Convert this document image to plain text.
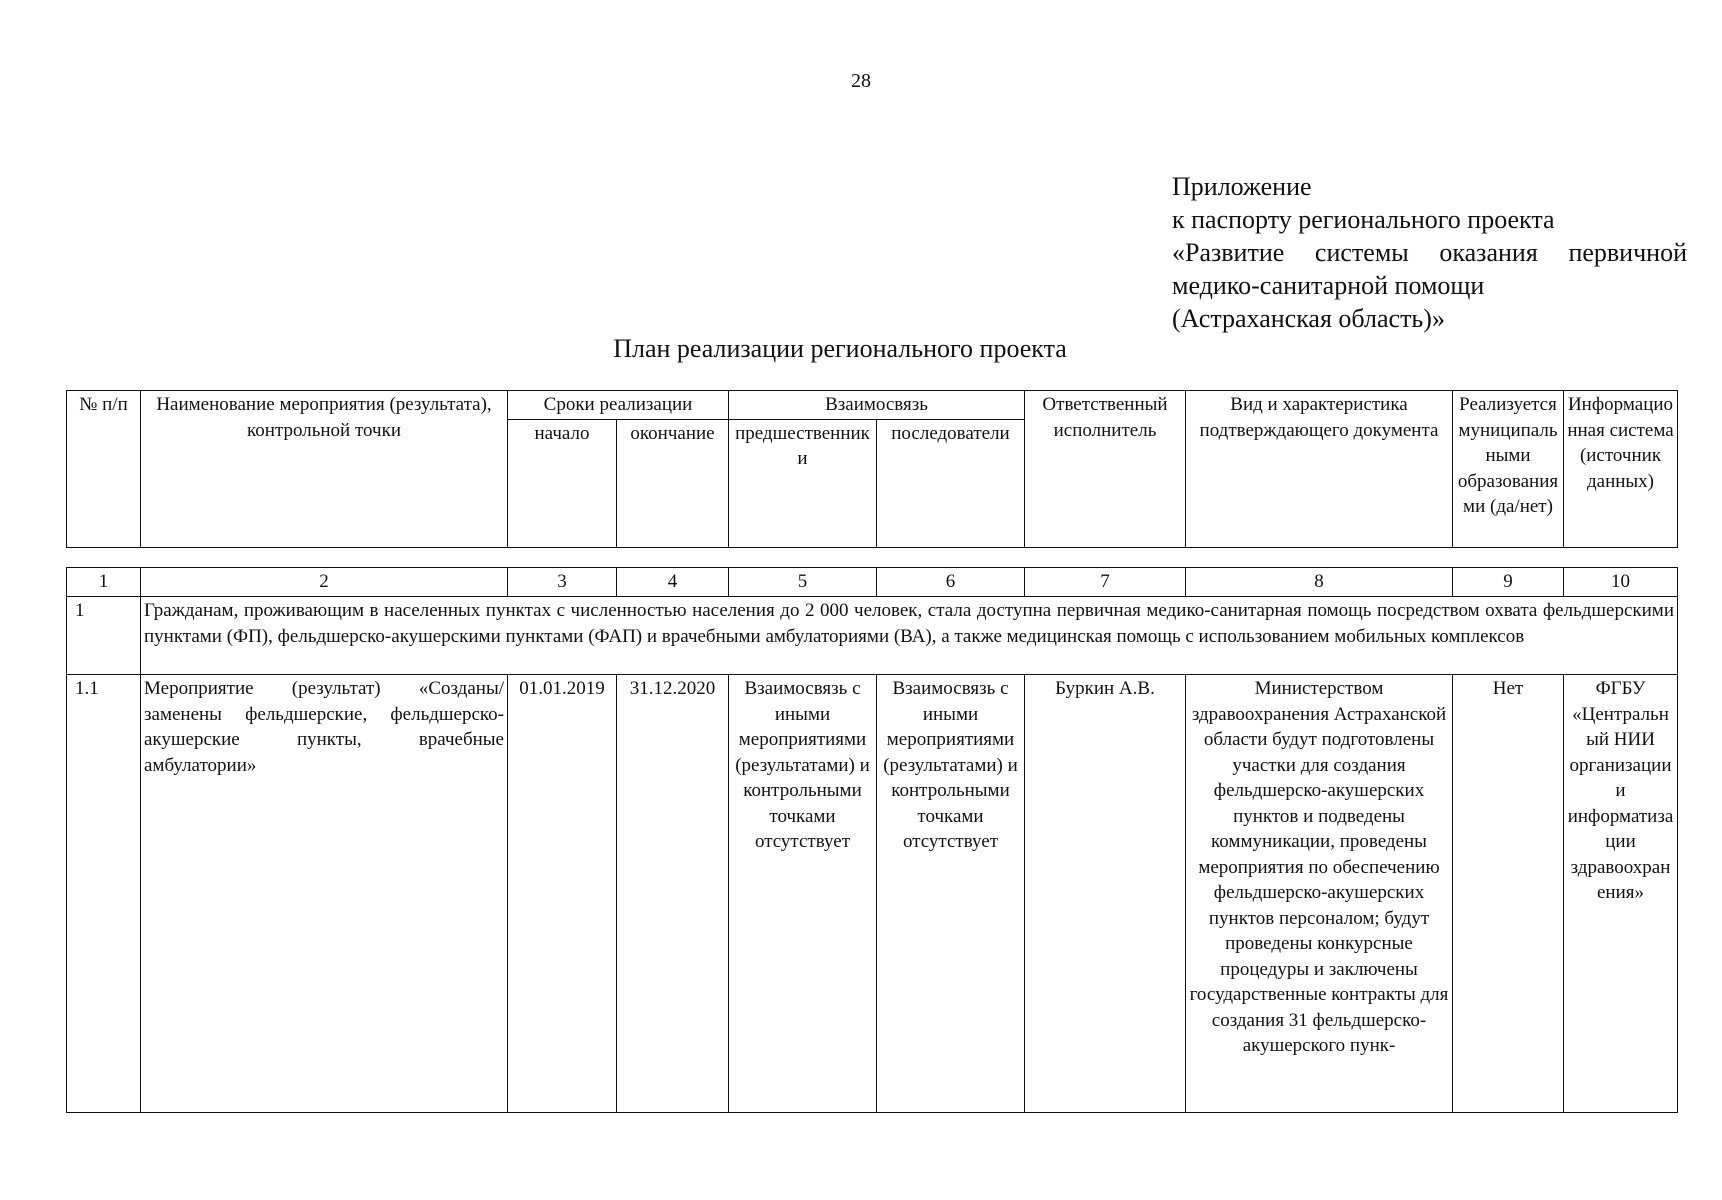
28
Приложение
к паспорту регионального проекта
«Развитие системы оказания первичной
медико-санитарной помощи
(Астраханская область)»
План реализации регионального проекта
№ п/п	Наименование мероприятия (результата), контрольной точки	Сроки реализации		Взаимосвязь		Ответственный исполнитель	Вид и характеристика подтверждающего документа	Реализуется муниципальными образованиями (да/нет)	Информационная система (источник данных)
		начало	окончание	предшественники	последователи				
1	2	3	4	5	6	7	8	9	10
1	Гражданам, проживающим в населенных пунктах с численностью населения до 2 000 человек, стала доступна первичная медико-санитарная помощь посредством охвата фельдшерскими пунктами (ФП), фельдшерско-акушерскими пунктами (ФАП) и врачебными амбулаториями (ВА), а также медицинская помощь с использованием мобильных комплексов								
1.1	Мероприятие (результат) «Созданы/заменены фельдшерские, фельдшерско-акушерские пункты, врачебные амбулатории»	01.01.2019	31.12.2020	Взаимосвязь с иными мероприятиями (результатами) и контрольными точками отсутствует	Взаимосвязь с иными мероприятиями (результатами) и контрольными точками отсутствует	Буркин А.В.	Министерством здравоохранения Астраханской области будут подготовлены участки для создания фельдшерско-акушерских пунктов и подведены коммуникации, проведены мероприятия по обеспечению фельдшерско-акушерских пунктов персоналом; будут проведены конкурсные процедуры и заключены государственные контракты для создания 31 фельдшерско-акушерского пунк-	Нет	ФГБУ «Центральный НИИ организации и информатизации здравоохранения»
